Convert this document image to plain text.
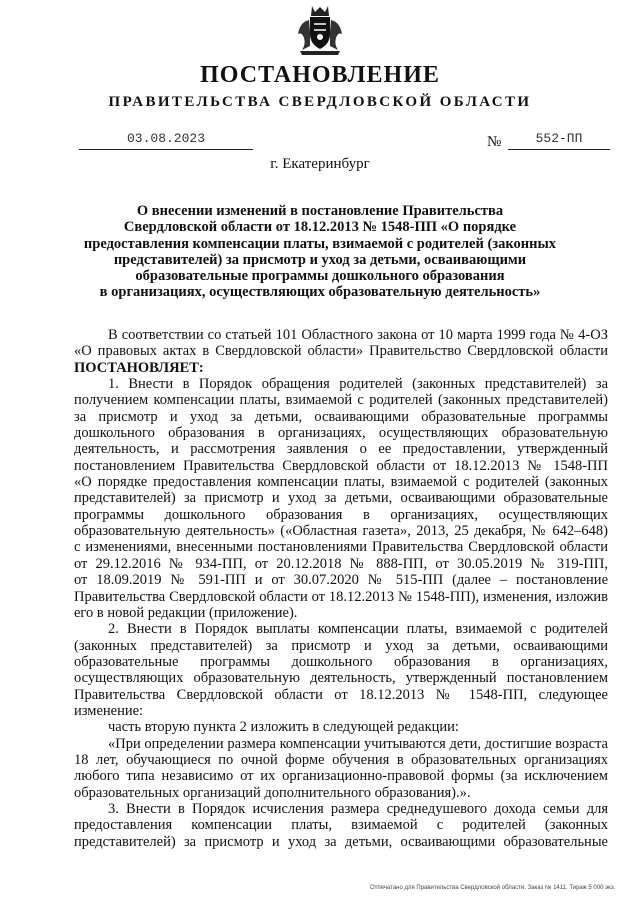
ПОСТАНОВЛЕНИЕ
ПРАВИТЕЛЬСТВА СВЕРДЛОВСКОЙ ОБЛАСТИ
03.08.2023	№	552-ПП
г. Екатеринбург
О внесении изменений в постановление Правительства
Свердловской области от 18.12.2013 № 1548-ПП «О порядке
предоставления компенсации платы, взимаемой с родителей (законных
представителей) за присмотр и уход за детьми, осваивающими
образовательные программы дошкольного образования
в организациях, осуществляющих образовательную деятельность»
В соответствии со статьей 101 Областного закона от 10 марта 1999 года № 4-ОЗ
«О правовых актах в Свердловской области» Правительство Свердловской области
ПОСТАНОВЛЯЕТ:
1. Внести в Порядок обращения родителей (законных представителей) за
получением компенсации платы, взимаемой с родителей (законных представителей)
за присмотр и уход за детьми, осваивающими образовательные программы
дошкольного образования в организациях, осуществляющих образовательную
деятельность, и рассмотрения заявления о ее предоставлении, утвержденный
постановлением Правительства Свердловской области от 18.12.2013 № 1548-ПП
«О порядке предоставления компенсации платы, взимаемой с родителей (законных
представителей) за присмотр и уход за детьми, осваивающими образовательные
программы дошкольного образования в организациях, осуществляющих
образовательную деятельность» («Областная газета», 2013, 25 декабря, № 642–648)
с изменениями, внесенными постановлениями Правительства Свердловской области
от 29.12.2016 № 934-ПП, от 20.12.2018 № 888-ПП, от 30.05.2019 № 319-ПП,
от 18.09.2019 № 591-ПП и от 30.07.2020 № 515-ПП (далее – постановление
Правительства Свердловской области от 18.12.2013 № 1548-ПП), изменения, изложив
его в новой редакции (приложение).
2. Внести в Порядок выплаты компенсации платы, взимаемой с родителей
(законных представителей) за присмотр и уход за детьми, осваивающими
образовательные программы дошкольного образования в организациях,
осуществляющих образовательную деятельность, утвержденный постановлением
Правительства Свердловской области от 18.12.2013 № 1548-ПП, следующее
изменение:
часть вторую пункта 2 изложить в следующей редакции:
«При определении размера компенсации учитываются дети, достигшие возраста
18 лет, обучающиеся по очной форме обучения в образовательных организациях
любого типа независимо от их организационно-правовой формы (за исключением
образовательных организаций дополнительного образования).».
3. Внести в Порядок исчисления размера среднедушевого дохода семьи для
предоставления компенсации платы, взимаемой с родителей (законных
представителей) за присмотр и уход за детьми, осваивающими образовательные
Отпечатано для Правительства Свердловской области. Заказ № 1411. Тираж 5 000 экз.
